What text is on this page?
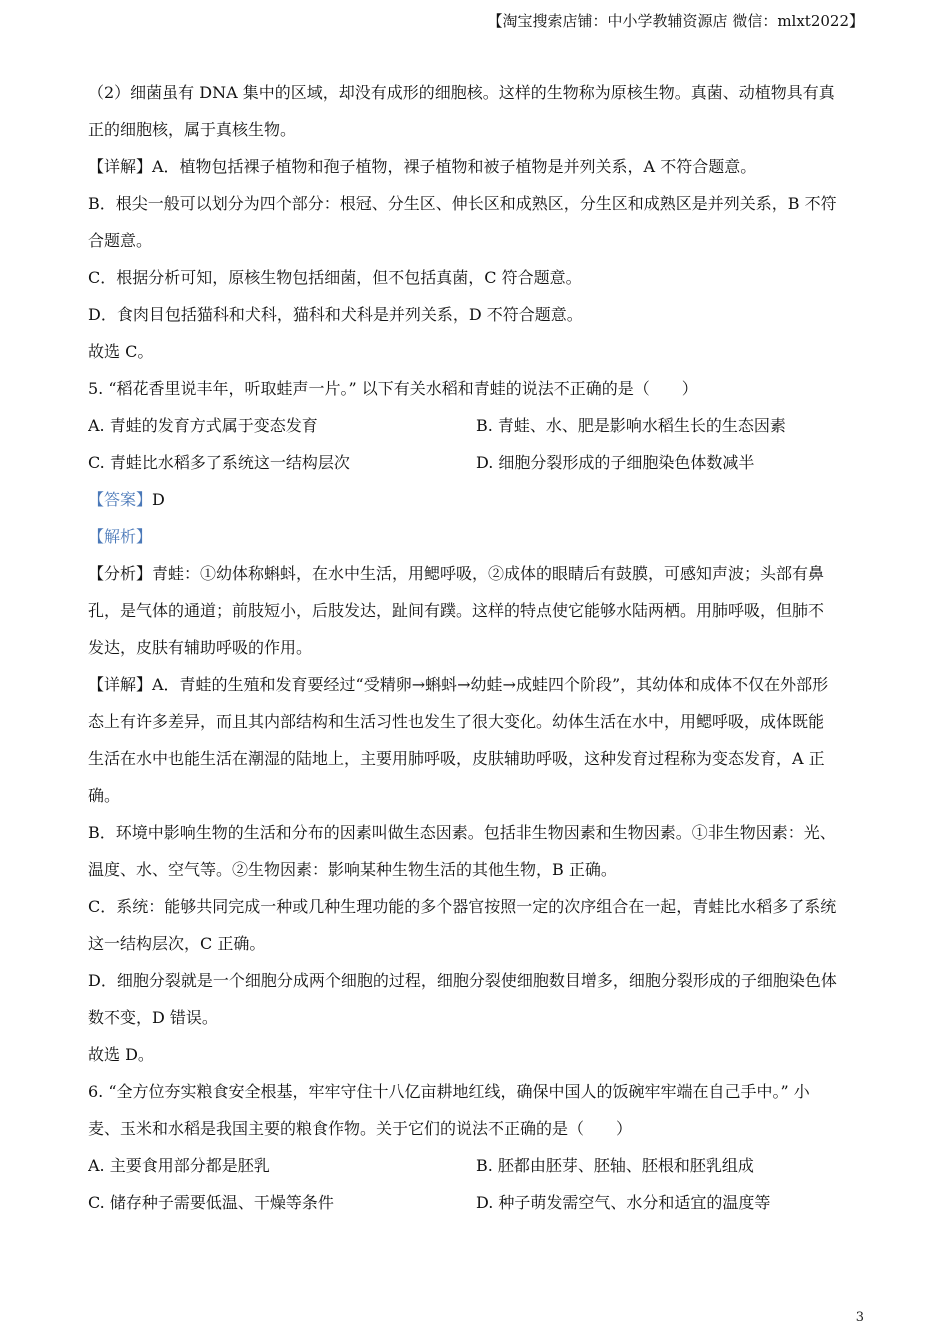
【淘宝搜索店铺：中小学教辅资源店 微信：mlxt2022】
（2）细菌虽有 DNA 集中的区域，却没有成形的细胞核。这样的生物称为原核生物。真菌、动植物具有真
正的细胞核，属于真核生物。
【详解】A．植物包括裸子植物和孢子植物，裸子植物和被子植物是并列关系，A 不符合题意。
B．根尖一般可以划分为四个部分：根冠、分生区、伸长区和成熟区，分生区和成熟区是并列关系，B 不符
合题意。
C．根据分析可知，原核生物包括细菌，但不包括真菌，C 符合题意。
D．食肉目包括猫科和犬科，猫科和犬科是并列关系，D 不符合题意。
故选 C。
5. “稻花香里说丰年，听取蛙声一片。” 以下有关水稻和青蛙的说法不正确的是（　　）
A. 青蛙的发育方式属于变态发育	B. 青蛙、水、肥是影响水稻生长的生态因素
C. 青蛙比水稻多了系统这一结构层次	D. 细胞分裂形成的子细胞染色体数减半
【答案】D
【解析】
【分析】青蛙：①幼体称蝌蚪，在水中生活，用鳃呼吸，②成体的眼睛后有鼓膜，可感知声波；头部有鼻
孔，是气体的通道；前肢短小，后肢发达，趾间有蹼。这样的特点使它能够水陆两栖。用肺呼吸，但肺不
发达，皮肤有辅助呼吸的作用。
【详解】A．青蛙的生殖和发育要经过“受精卵→蝌蚪→幼蛙→成蛙四个阶段”，其幼体和成体不仅在外部形
态上有许多差异，而且其内部结构和生活习性也发生了很大变化。幼体生活在水中，用鳃呼吸，成体既能
生活在水中也能生活在潮湿的陆地上，主要用肺呼吸，皮肤辅助呼吸，这种发育过程称为变态发育，A 正
确。
B．环境中影响生物的生活和分布的因素叫做生态因素。包括非生物因素和生物因素。①非生物因素：光、
温度、水、空气等。②生物因素：影响某种生物生活的其他生物，B 正确。
C．系统：能够共同完成一种或几种生理功能的多个器官按照一定的次序组合在一起，青蛙比水稻多了系统
这一结构层次，C 正确。
D．细胞分裂就是一个细胞分成两个细胞的过程，细胞分裂使细胞数目增多，细胞分裂形成的子细胞染色体
数不变，D 错误。
故选 D。
6. “全方位夯实粮食安全根基，牢牢守住十八亿亩耕地红线，确保中国人的饭碗牢牢端在自己手中。” 小
麦、玉米和水稻是我国主要的粮食作物。关于它们的说法不正确的是（　　）
A. 主要食用部分都是胚乳	B. 胚都由胚芽、胚轴、胚根和胚乳组成
C. 储存种子需要低温、干燥等条件	D. 种子萌发需空气、水分和适宜的温度等
3
